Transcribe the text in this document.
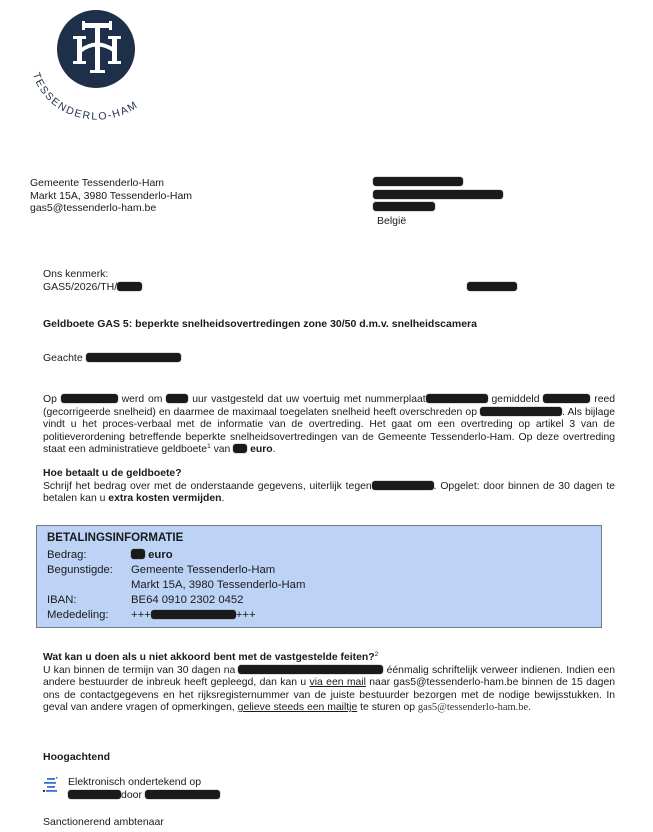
TESSENDERLO-HAM
Gemeente Tessenderlo-Ham
Markt 15A, 3980 Tessenderlo-Ham
gas5@tessenderlo-ham.be
België
Ons kenmerk:
GAS5/2026/TH/
Geldboete GAS 5: beperkte snelheidsovertredingen zone 30/50 d.m.v. snelheidscamera
Geachte
Op	werd om	uur vastgesteld dat uw voertuig met nummerplaat	gemiddeld	reed (gecorrigeerde snelheid) en daarmee de maximaal toegelaten snelheid heeft overschreden op	. Als bijlage vindt u het proces-verbaal met de informatie van de overtreding. Het gaat om een overtreding op artikel 3 van de politieverordening betreffende beperkte snelheidsovertredingen van de Gemeente Tessenderlo-Ham. Op deze overtreding staat een administratieve geldboete$^1$ van euro.
Hoe betaalt u de geldboete?
Schrijf het bedrag over met de onderstaande gegevens, uiterlijk tegen	. Opgelet: door binnen de 30 dagen te betalen kan u extra kosten vermijden.
BETALINGSINFORMATIE
Bedrag:	euro
Begunstigde:	Gemeente Tessenderlo-Ham
Markt 15A, 3980 Tessenderlo-Ham
IBAN:	BE64 0910 2302 0452
Mededeling:	+++	+++
Wat kan u doen als u niet akkoord bent met de vastgestelde feiten?$^2$
U kan binnen de termijn van 30 dagen na	éénmalig schriftelijk verweer indienen. Indien een andere bestuurder de inbreuk heeft gepleegd, dan kan u via een mail naar gas5@tessenderlo-ham.be binnen de 15 dagen ons de contactgegevens en het rijksregisternummer van de juiste bestuurder bezorgen met de nodige bewijsstukken. In geval van andere vragen of opmerkingen, gelieve steeds een mailtje te sturen op gas5@tessenderlo-ham.be.
Hoogachtend
Elektronisch ondertekend op
door
Sanctionerend ambtenaar
